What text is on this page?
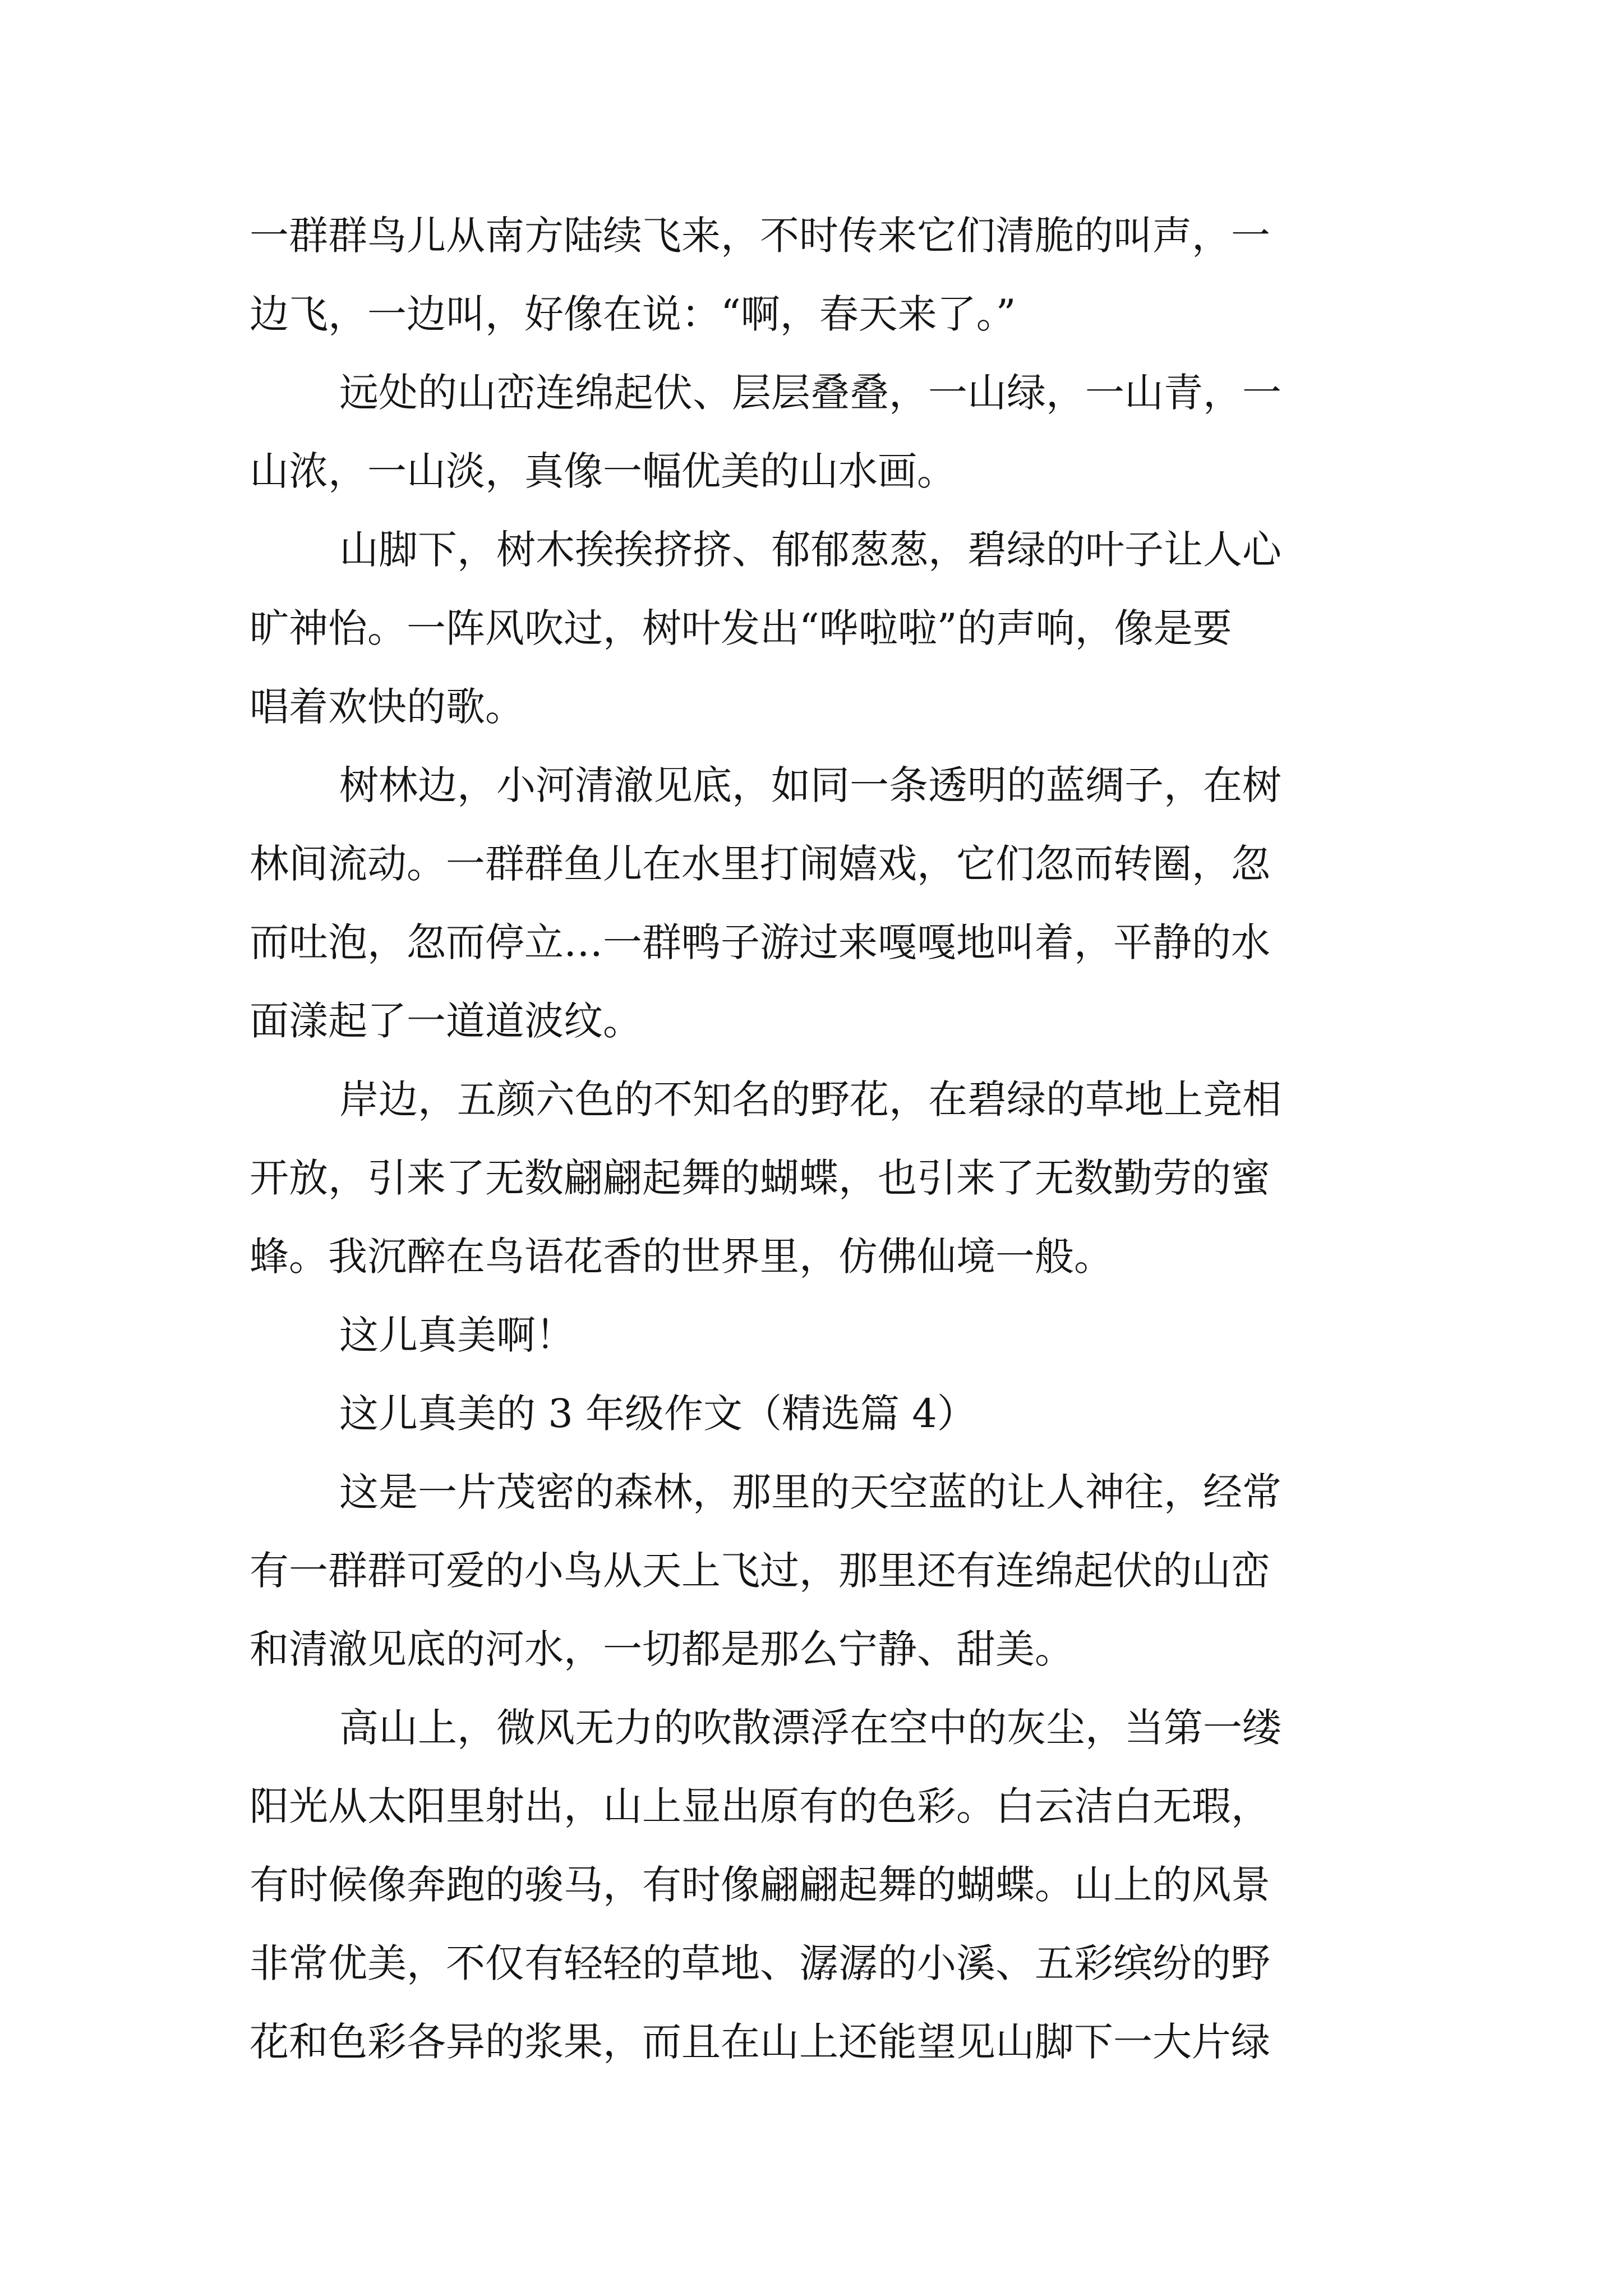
一群群鸟儿从南方陆续飞来，不时传来它们清脆的叫声，一

边飞，一边叫，好像在说：“啊，春天来了。”

远处的山峦连绵起伏、层层叠叠，一山绿，一山青，一

山浓，一山淡，真像一幅优美的山水画。

山脚下，树木挨挨挤挤、郁郁葱葱，碧绿的叶子让人心

旷神怡。一阵风吹过，树叶发出“哗啦啦”的声响，像是要

唱着欢快的歌。

树林边，小河清澈见底，如同一条透明的蓝绸子，在树

林间流动。一群群鱼儿在水里打闹嬉戏，它们忽而转圈，忽

而吐泡，忽而停立…一群鸭子游过来嘎嘎地叫着，平静的水

面漾起了一道道波纹。

岸边，五颜六色的不知名的野花，在碧绿的草地上竞相

开放，引来了无数翩翩起舞的蝴蝶，也引来了无数勤劳的蜜

蜂。我沉醉在鸟语花香的世界里，仿佛仙境一般。

这儿真美啊！

这儿真美的 3 年级作文（精选篇 4）

这是一片茂密的森林，那里的天空蓝的让人神往，经常

有一群群可爱的小鸟从天上飞过，那里还有连绵起伏的山峦

和清澈见底的河水，一切都是那么宁静、甜美。

高山上，微风无力的吹散漂浮在空中的灰尘，当第一缕

阳光从太阳里射出，山上显出原有的色彩。白云洁白无瑕，

有时候像奔跑的骏马，有时像翩翩起舞的蝴蝶。山上的风景

非常优美，不仅有轻轻的草地、潺潺的小溪、五彩缤纷的野

花和色彩各异的浆果，而且在山上还能望见山脚下一大片绿
